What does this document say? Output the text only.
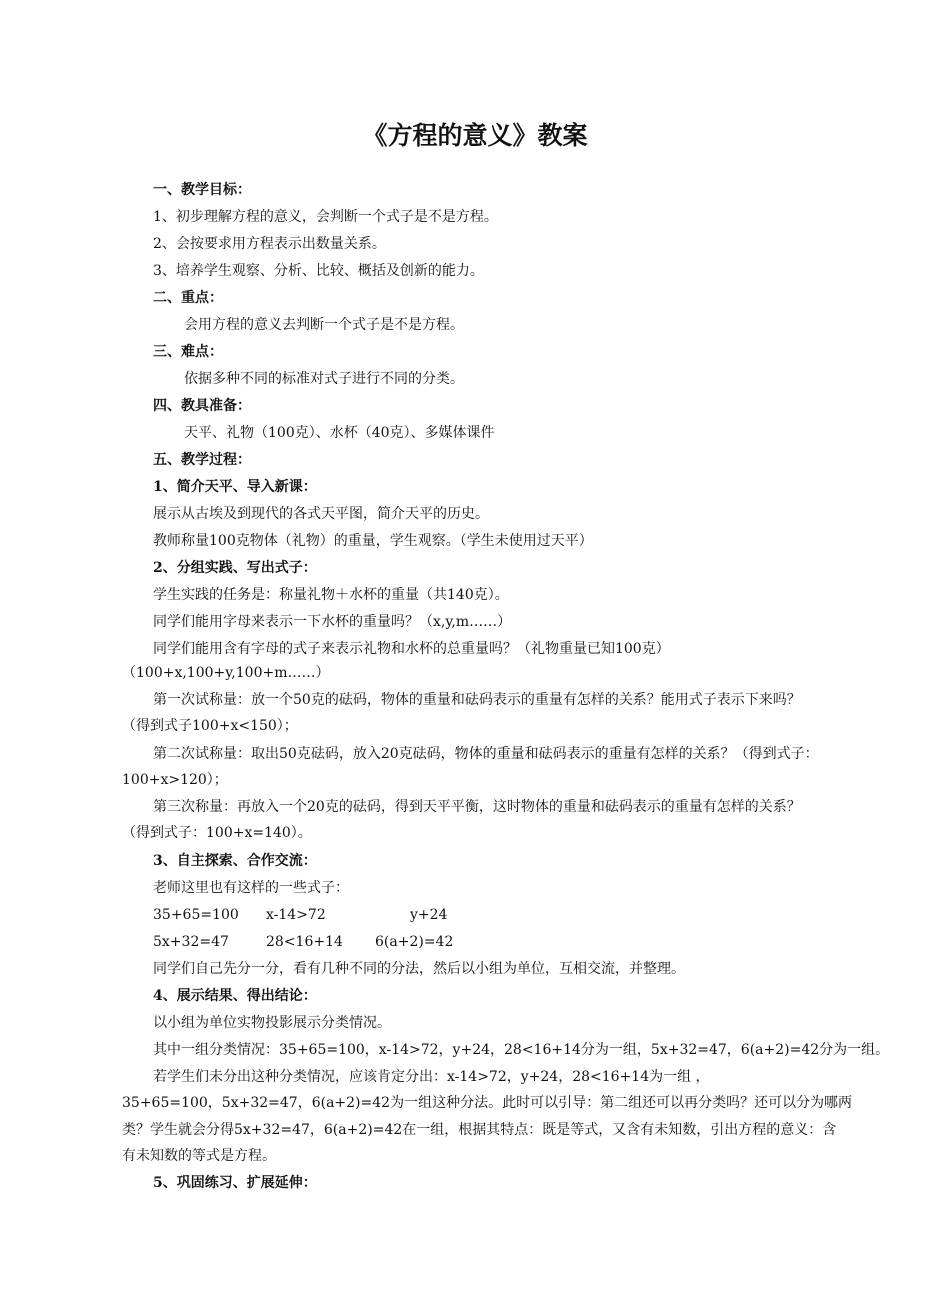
《方程的意义》教案
一、教学目标：
1、初步理解方程的意义，会判断一个式子是不是方程。
2、会按要求用方程表示出数量关系。
3、培养学生观察、分析、比较、概括及创新的能力。
二、重点：
会用方程的意义去判断一个式子是不是方程。
三、难点：
依据多种不同的标准对式子进行不同的分类。
四、教具准备：
天平、礼物（100克）、水杯（40克）、多媒体课件
五、教学过程：
1、简介天平、导入新课：
展示从古埃及到现代的各式天平图，简介天平的历史。
教师称量100克物体（礼物）的重量，学生观察。（学生未使用过天平）
2、分组实践、写出式子：
学生实践的任务是：称量礼物＋水杯的重量（共140克）。
同学们能用字母来表示一下水杯的重量吗？（x,y,m……）
同学们能用含有字母的式子来表示礼物和水杯的总重量吗？（礼物重量已知100克）
（100+x,100+y,100+m……）
第一次试称量：放一个50克的砝码，物体的重量和砝码表示的重量有怎样的关系？能用式子表示下来吗？
（得到式子100+x<150）；
第二次试称量：取出50克砝码，放入20克砝码，物体的重量和砝码表示的重量有怎样的关系？（得到式子：
100+x>120）；
第三次称量：再放入一个20克的砝码，得到天平平衡，这时物体的重量和砝码表示的重量有怎样的关系？
（得到式子：100+x=140）。
3、自主探索、合作交流：
老师这里也有这样的一些式子：
35+65=100 x-14>72	y+24
5x+32=47	28<16+14 6(a+2)=42
同学们自己先分一分，看有几种不同的分法，然后以小组为单位，互相交流，并整理。
4、展示结果、得出结论：
以小组为单位实物投影展示分类情况。
其中一组分类情况：35+65=100，x-14>72，y+24，28<16+14分为一组，5x+32=47，6(a+2)=42分为一组。
若学生们未分出这种分类情况，应该肯定分出：x-14>72，y+24，28<16+14为一组 ，
35+65=100，5x+32=47，6(a+2)=42为一组这种分法。此时可以引导：第二组还可以再分类吗？还可以分为哪两
类？学生就会分得5x+32=47，6(a+2)=42在一组，根据其特点：既是等式，又含有未知数，引出方程的意义：含
有未知数的等式是方程。
5、巩固练习、扩展延伸：
